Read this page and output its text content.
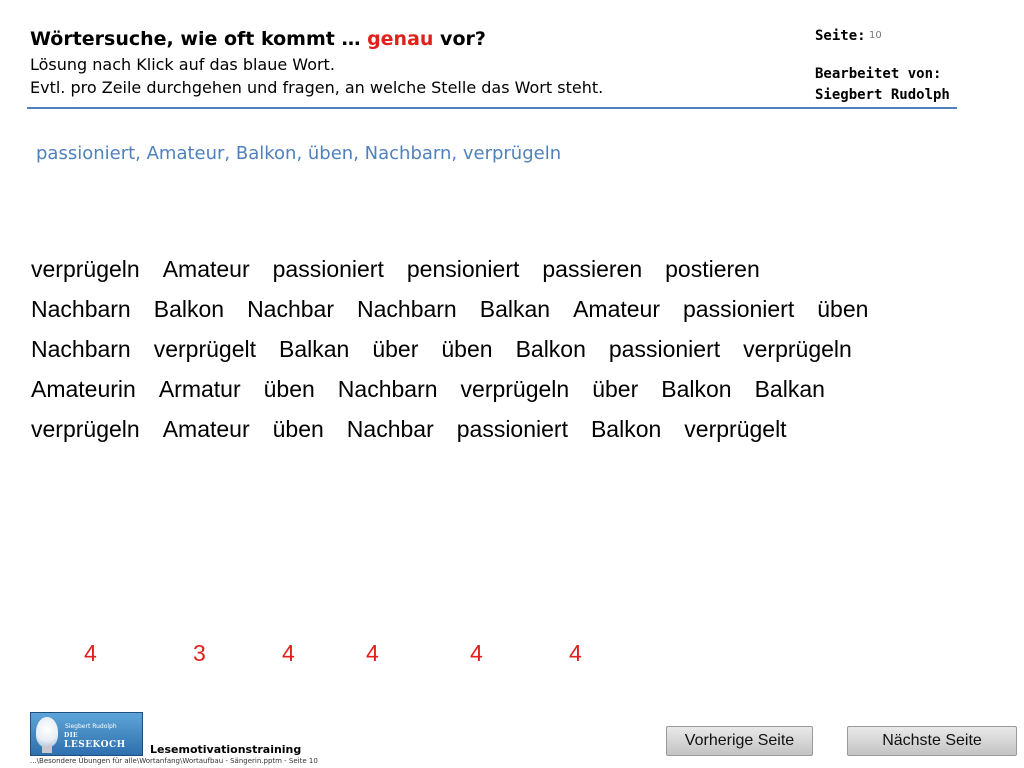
Wörtersuche, wie oft kommt … genau vor?
Lösung nach Klick auf das blaue Wort.
Evtl. pro Zeile durchgehen und fragen, an welche Stelle das Wort steht.
Seite: 10
Bearbeitet von:
Siegbert Rudolph
passioniert, Amateur, Balkon, üben, Nachbarn, verprügeln
verprügeln Amateur passioniert pensioniert passieren postieren
Nachbarn Balkon Nachbar Nachbarn Balkan Amateur passioniert üben
Nachbarn verprügelt Balkan über üben Balkon passioniert verprügeln
Amateurin Armatur üben Nachbarn verprügeln über Balkon Balkan
verprügeln Amateur üben Nachbar passioniert Balkon verprügelt
4	3	4	4	4	4
Siegbert Rudolph
DIE LESEKOCH	Lesemotivationstraining
...\Besondere Übungen für alle\Wortanfang\Wortaufbau - Sängerin.pptm - Seite 10
Vorherige Seite	Nächste Seite
